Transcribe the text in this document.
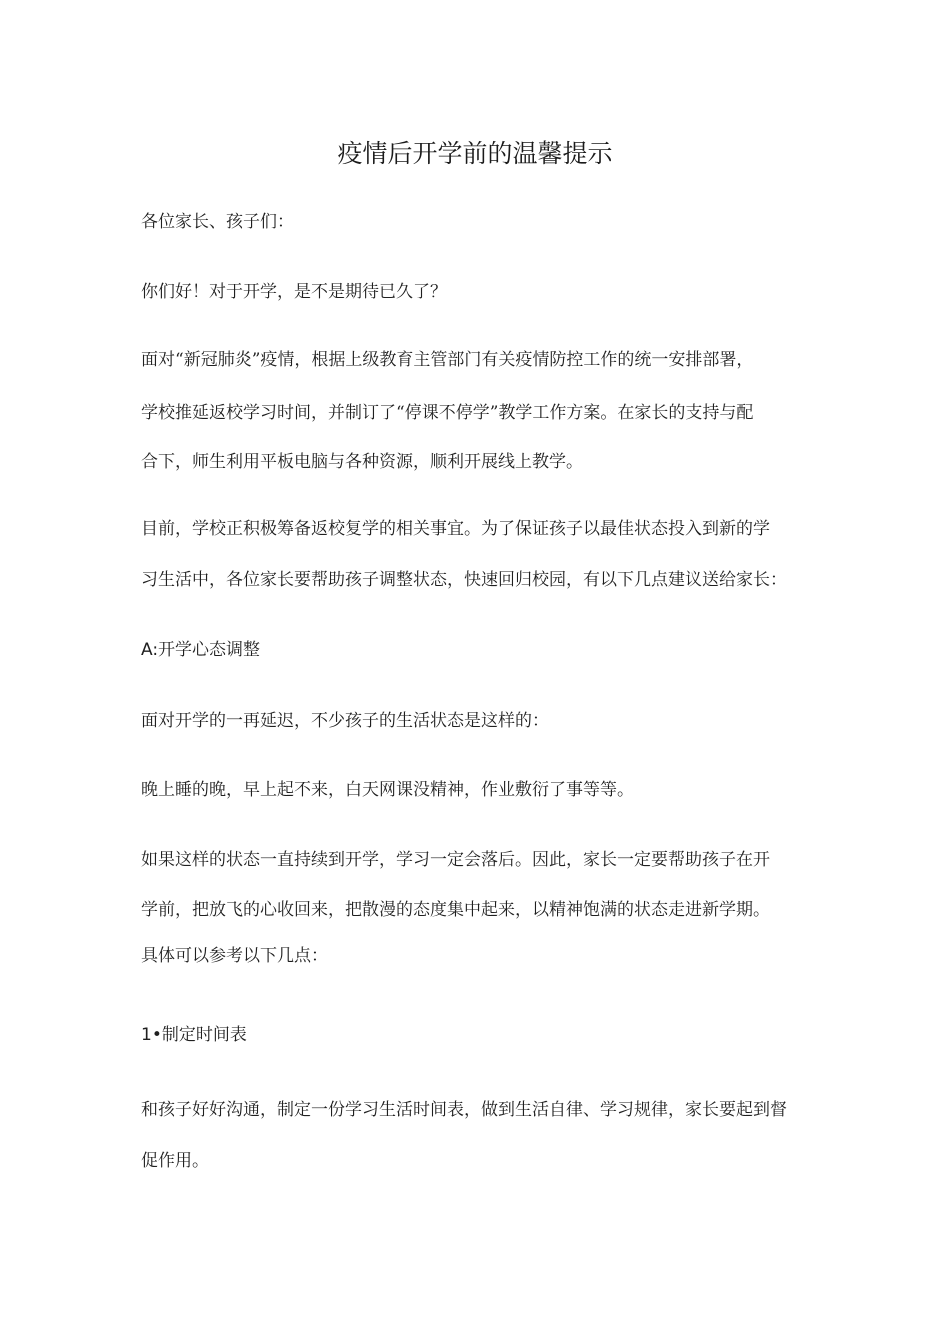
疫情后开学前的温馨提示
各位家长、孩子们：
你们好！对于开学，是不是期待已久了？
面对“新冠肺炎”疫情，根据上级教育主管部门有关疫情防控工作的统一安排部署，
学校推延返校学习时间，并制订了“停课不停学”教学工作方案。在家长的支持与配
合下，师生利用平板电脑与各种资源，顺利开展线上教学。
目前，学校正积极筹备返校复学的相关事宜。为了保证孩子以最佳状态投入到新的学
习生活中，各位家长要帮助孩子调整状态，快速回归校园，有以下几点建议送给家长：
A:开学心态调整
面对开学的一再延迟，不少孩子的生活状态是这样的：
晚上睡的晚，早上起不来，白天网课没精神，作业敷衍了事等等。
如果这样的状态一直持续到开学，学习一定会落后。因此，家长一定要帮助孩子在开
学前，把放飞的心收回来，把散漫的态度集中起来，以精神饱满的状态走进新学期。
具体可以参考以下几点：
1•制定时间表
和孩子好好沟通，制定一份学习生活时间表，做到生活自律、学习规律，家长要起到督
促作用。
